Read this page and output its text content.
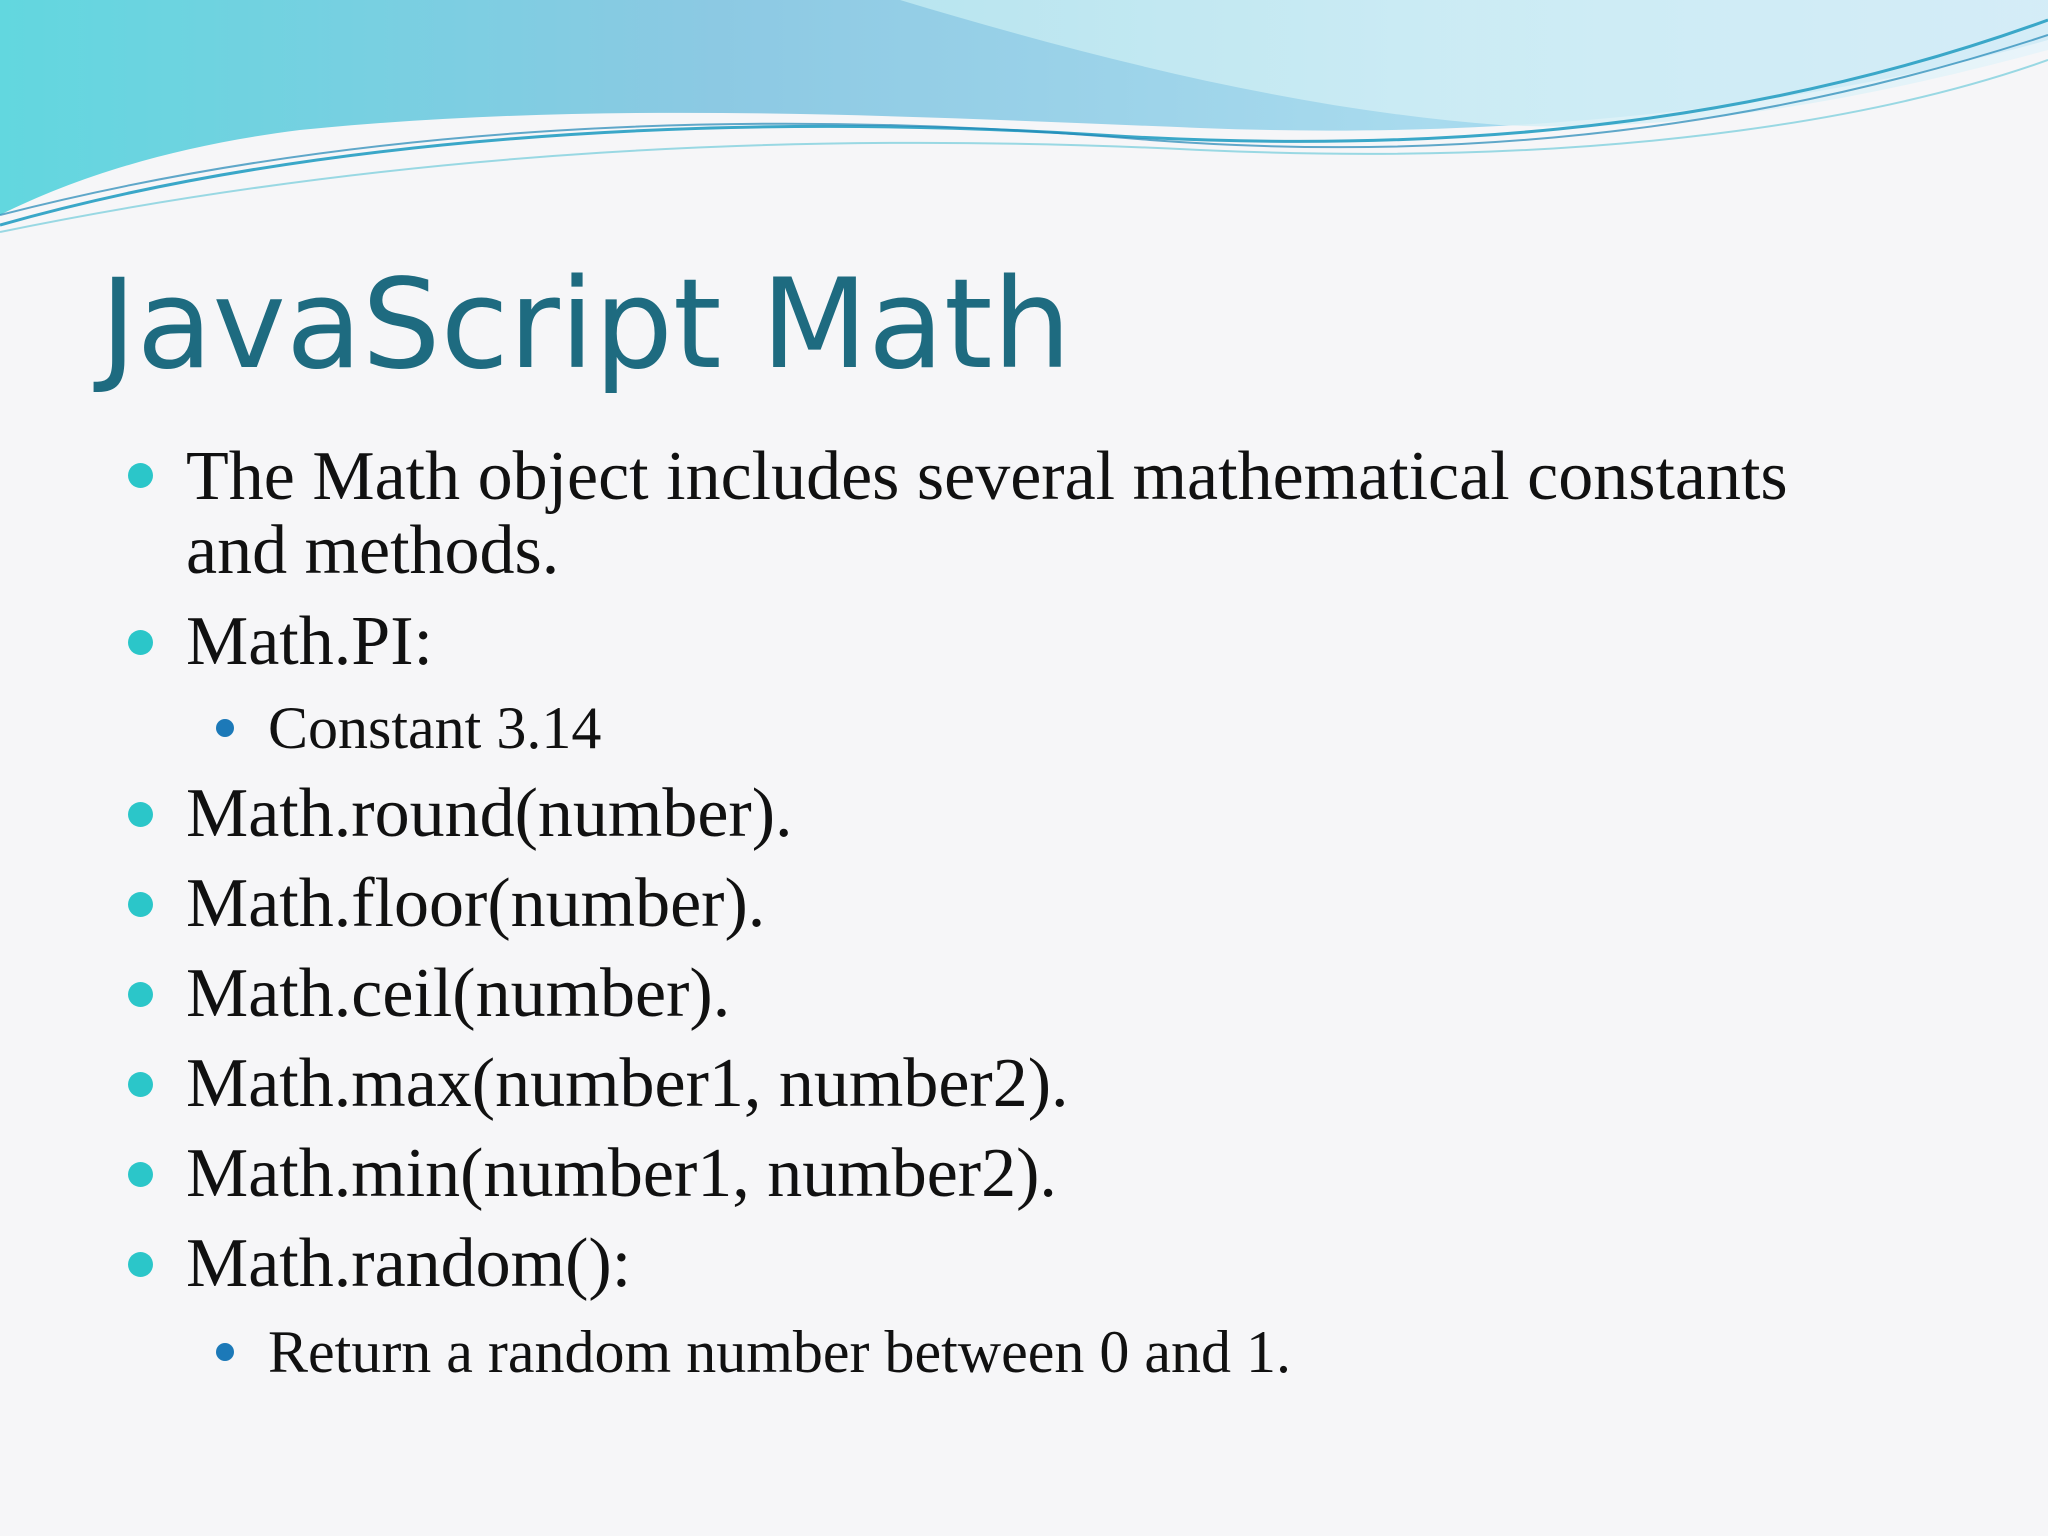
JavaScript Math
The Math object includes several mathematical constants
and methods.
Math.PI:
Constant 3.14
Math.round(number).
Math.floor(number).
Math.ceil(number).
Math.max(number1, number2).
Math.min(number1, number2).
Math.random():
Return a random number between 0 and 1.
